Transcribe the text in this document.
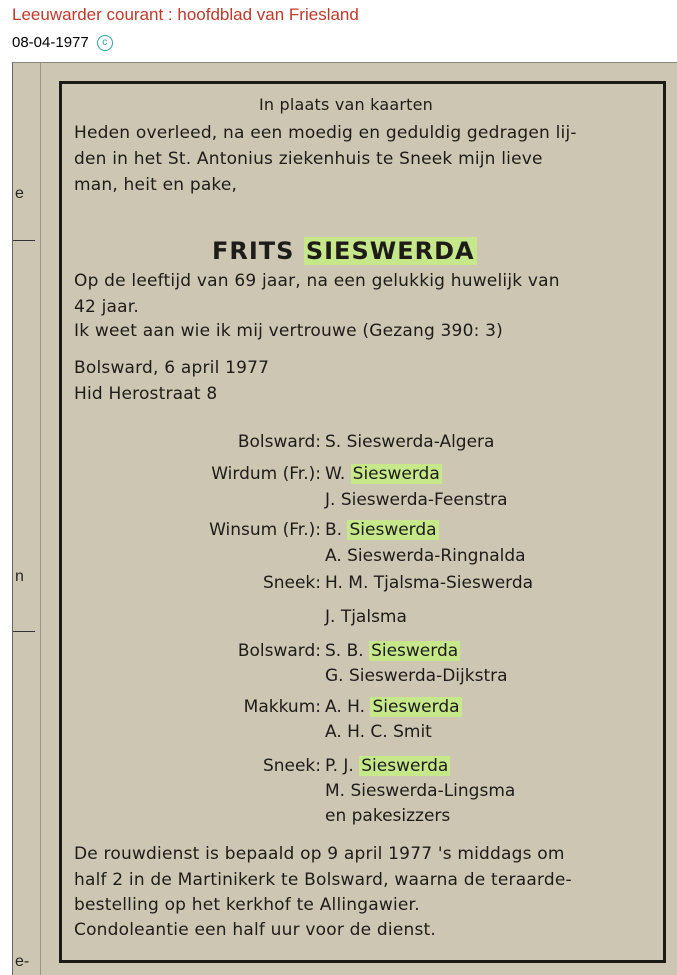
Leeuwarder courant : hoofdblad van Friesland
08-04-1977	c
e
n
e-
In plaats van kaarten
Heden overleed, na een moedig en geduldig gedragen lij-
den in het St. Antonius ziekenhuis te Sneek mijn lieve
man, heit en pake,
FRITS SIESWERDA
Op de leeftijd van 69 jaar, na een gelukkig huwelijk van
42 jaar.
Ik weet aan wie ik mij vertrouwe (Gezang 390: 3)
Bolsward, 6 april 1977
Hid Herostraat 8
Bolsward: S. Sieswerda-Algera
Wirdum (Fr.): W. Sieswerda
J. Sieswerda-Feenstra
Winsum (Fr.): B. Sieswerda
A. Sieswerda-Ringnalda
Sneek: H. M. Tjalsma-Sieswerda
J. Tjalsma
Bolsward: S. B. Sieswerda
G. Sieswerda-Dijkstra
Makkum: A. H. Sieswerda
A. H. C. Smit
Sneek: P. J. Sieswerda
M. Sieswerda-Lingsma
en pakesizzers
De rouwdienst is bepaald op 9 april 1977 's middags om
half 2 in de Martinikerk te Bolsward, waarna de teraarde-
bestelling op het kerkhof te Allingawier.
Condoleantie een half uur voor de dienst.
